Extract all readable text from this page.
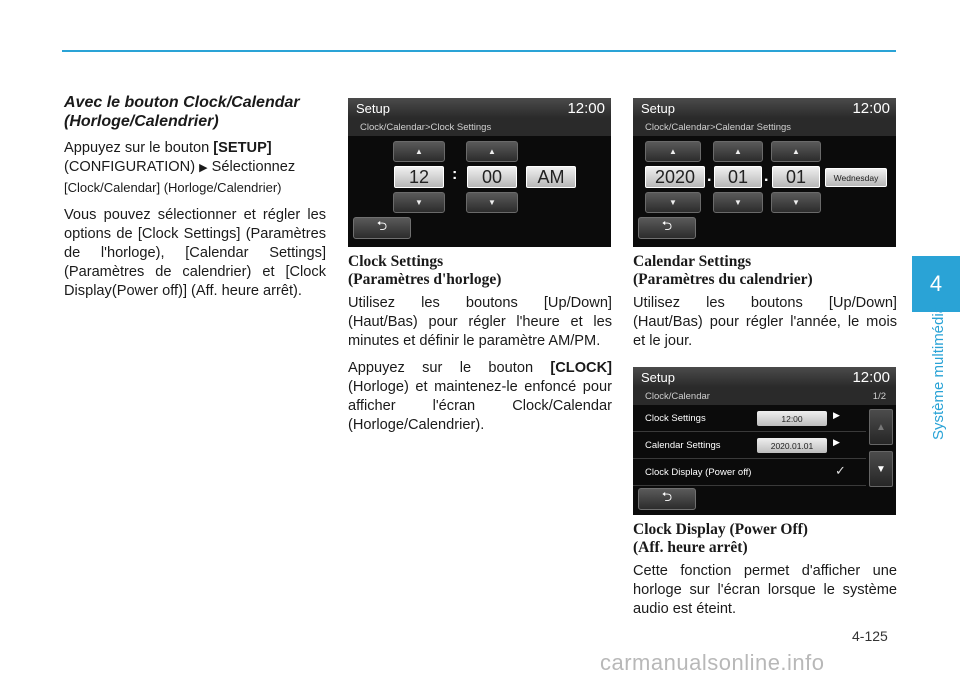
Avec le bouton Clock/Calendar
(Horloge/Calendrier)

Appuyez sur le bouton [SETUP]
(CONFIGURATION) ▶ Sélectionnez
[Clock/Calendar] (Horloge/Calendrier)

Vous pouvez sélectionner et régler les options de [Clock Settings] (Paramètres de l'horloge), [Calendar Settings] (Paramètres de calendrier) et [Clock Display(Power off)] (Aff. heure arrêt).

Setup	12:00
Clock/Calendar>Clock Settings
▲	▲
12	:	00	AM
▼	▼
⮌
Clock Settings
(Paramètres d'horloge)

Utilisez les boutons [Up/Down] (Haut/Bas) pour régler l'heure et les minutes et définir le paramètre AM/PM.

Appuyez sur le bouton [CLOCK] (Horloge) et maintenez-le enfoncé pour afficher l'écran Clock/Calendar (Horloge/Calendrier).

Setup	12:00
Clock/Calendar>Calendar Settings
▲	▲	▲
2020 . 01 . 01	Wednesday
▼	▼	▼
⮌
Calendar Settings
(Paramètres du calendrier)

Utilisez les boutons [Up/Down] (Haut/Bas) pour régler l'année, le mois et le jour.

Setup	12:00
Clock/Calendar	1/2
Clock Settings	12:00	▶
Calendar Settings	2020.01.01	▶
Clock Display (Power off)	✓
▲
▼
⮌
Clock Display (Power Off)
(Aff. heure arrêt)

Cette fonction permet d'afficher une horloge sur l'écran lorsque le système audio est éteint.

4
Système multimédia
4-125
carmanualsonline.info
